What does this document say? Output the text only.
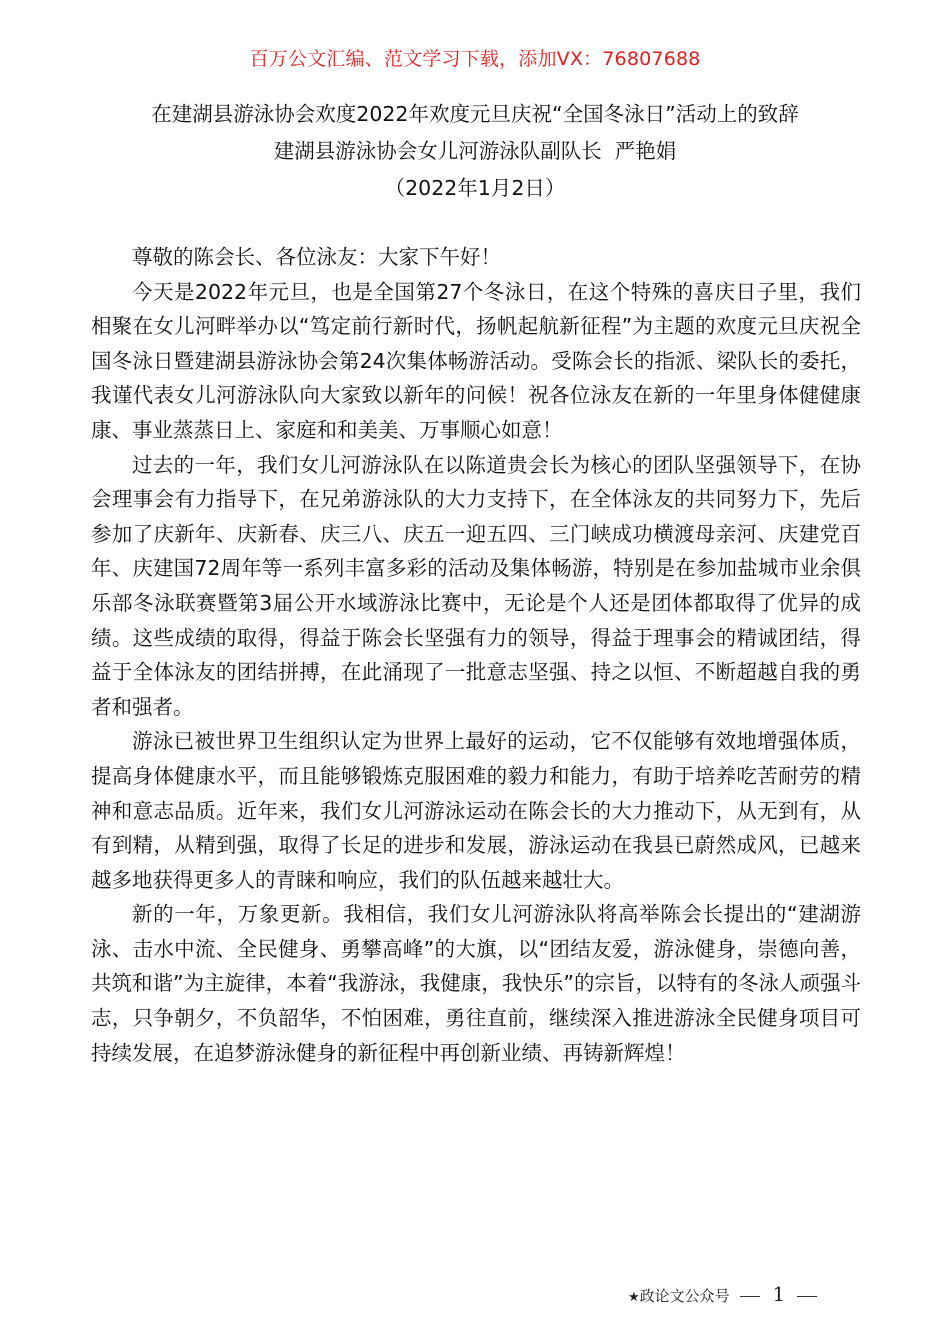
百万公文汇编、范文学习下载，添加VX：76807688
在建湖县游泳协会欢度2022年欢度元旦庆祝“全国冬泳日”活动上的致辞
建湖县游泳协会女儿河游泳队副队长  严艳娟
（2022年1月2日）

尊敬的陈会长、各位泳友：大家下午好！

今天是2022年元旦，也是全国第27个冬泳日，在这个特殊的喜庆日子里，我们相聚在女儿河畔举办以“笃定前行新时代，扬帆起航新征程”为主题的欢度元旦庆祝全国冬泳日暨建湖县游泳协会第24次集体畅游活动。受陈会长的指派、梁队长的委托，我谨代表女儿河游泳队向大家致以新年的问候！祝各位泳友在新的一年里身体健健康康、事业蒸蒸日上、家庭和和美美、万事顺心如意！

过去的一年，我们女儿河游泳队在以陈道贵会长为核心的团队坚强领导下，在协会理事会有力指导下，在兄弟游泳队的大力支持下，在全体泳友的共同努力下，先后参加了庆新年、庆新春、庆三八、庆五一迎五四、三门峡成功横渡母亲河、庆建党百年、庆建国72周年等一系列丰富多彩的活动及集体畅游，特别是在参加盐城市业余俱乐部冬泳联赛暨第3届公开水域游泳比赛中，无论是个人还是团体都取得了优异的成绩。这些成绩的取得，得益于陈会长坚强有力的领导，得益于理事会的精诚团结，得益于全体泳友的团结拼搏，在此涌现了一批意志坚强、持之以恒、不断超越自我的勇者和强者。

游泳已被世界卫生组织认定为世界上最好的运动，它不仅能够有效地增强体质，提高身体健康水平，而且能够锻炼克服困难的毅力和能力，有助于培养吃苦耐劳的精神和意志品质。近年来，我们女儿河游泳运动在陈会长的大力推动下，从无到有，从有到精，从精到强，取得了长足的进步和发展，游泳运动在我县已蔚然成风，已越来越多地获得更多人的青睐和响应，我们的队伍越来越壮大。

新的一年，万象更新。我相信，我们女儿河游泳队将高举陈会长提出的“建湖游泳、击水中流、全民健身、勇攀高峰”的大旗，以“团结友爱，游泳健身，崇德向善，共筑和谐”为主旋律，本着“我游泳，我健康，我快乐”的宗旨，以特有的冬泳人顽强斗志，只争朝夕，不负韶华，不怕困难，勇往直前，继续深入推进游泳全民健身项目可持续发展，在追梦游泳健身的新征程中再创新业绩、再铸新辉煌！

★政论文公众号 1
